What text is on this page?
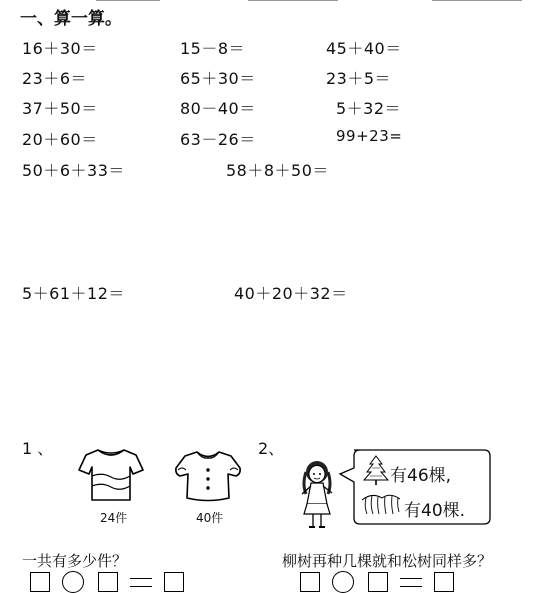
一、算一算。
16＋30＝	15－8＝	45＋40＝
23＋6＝	65＋30＝	23＋5＝
37＋50＝	80－40＝	5＋32＝
20＋60＝	63－26＝	99+23=
50＋6＋33＝	58＋8＋50＝
5＋61＋12＝	40＋20＋32＝
1 、
24件	40件
一共有多少件？
2、
有46棵,
有40棵.
柳树再种几棵就和松树同样多？
